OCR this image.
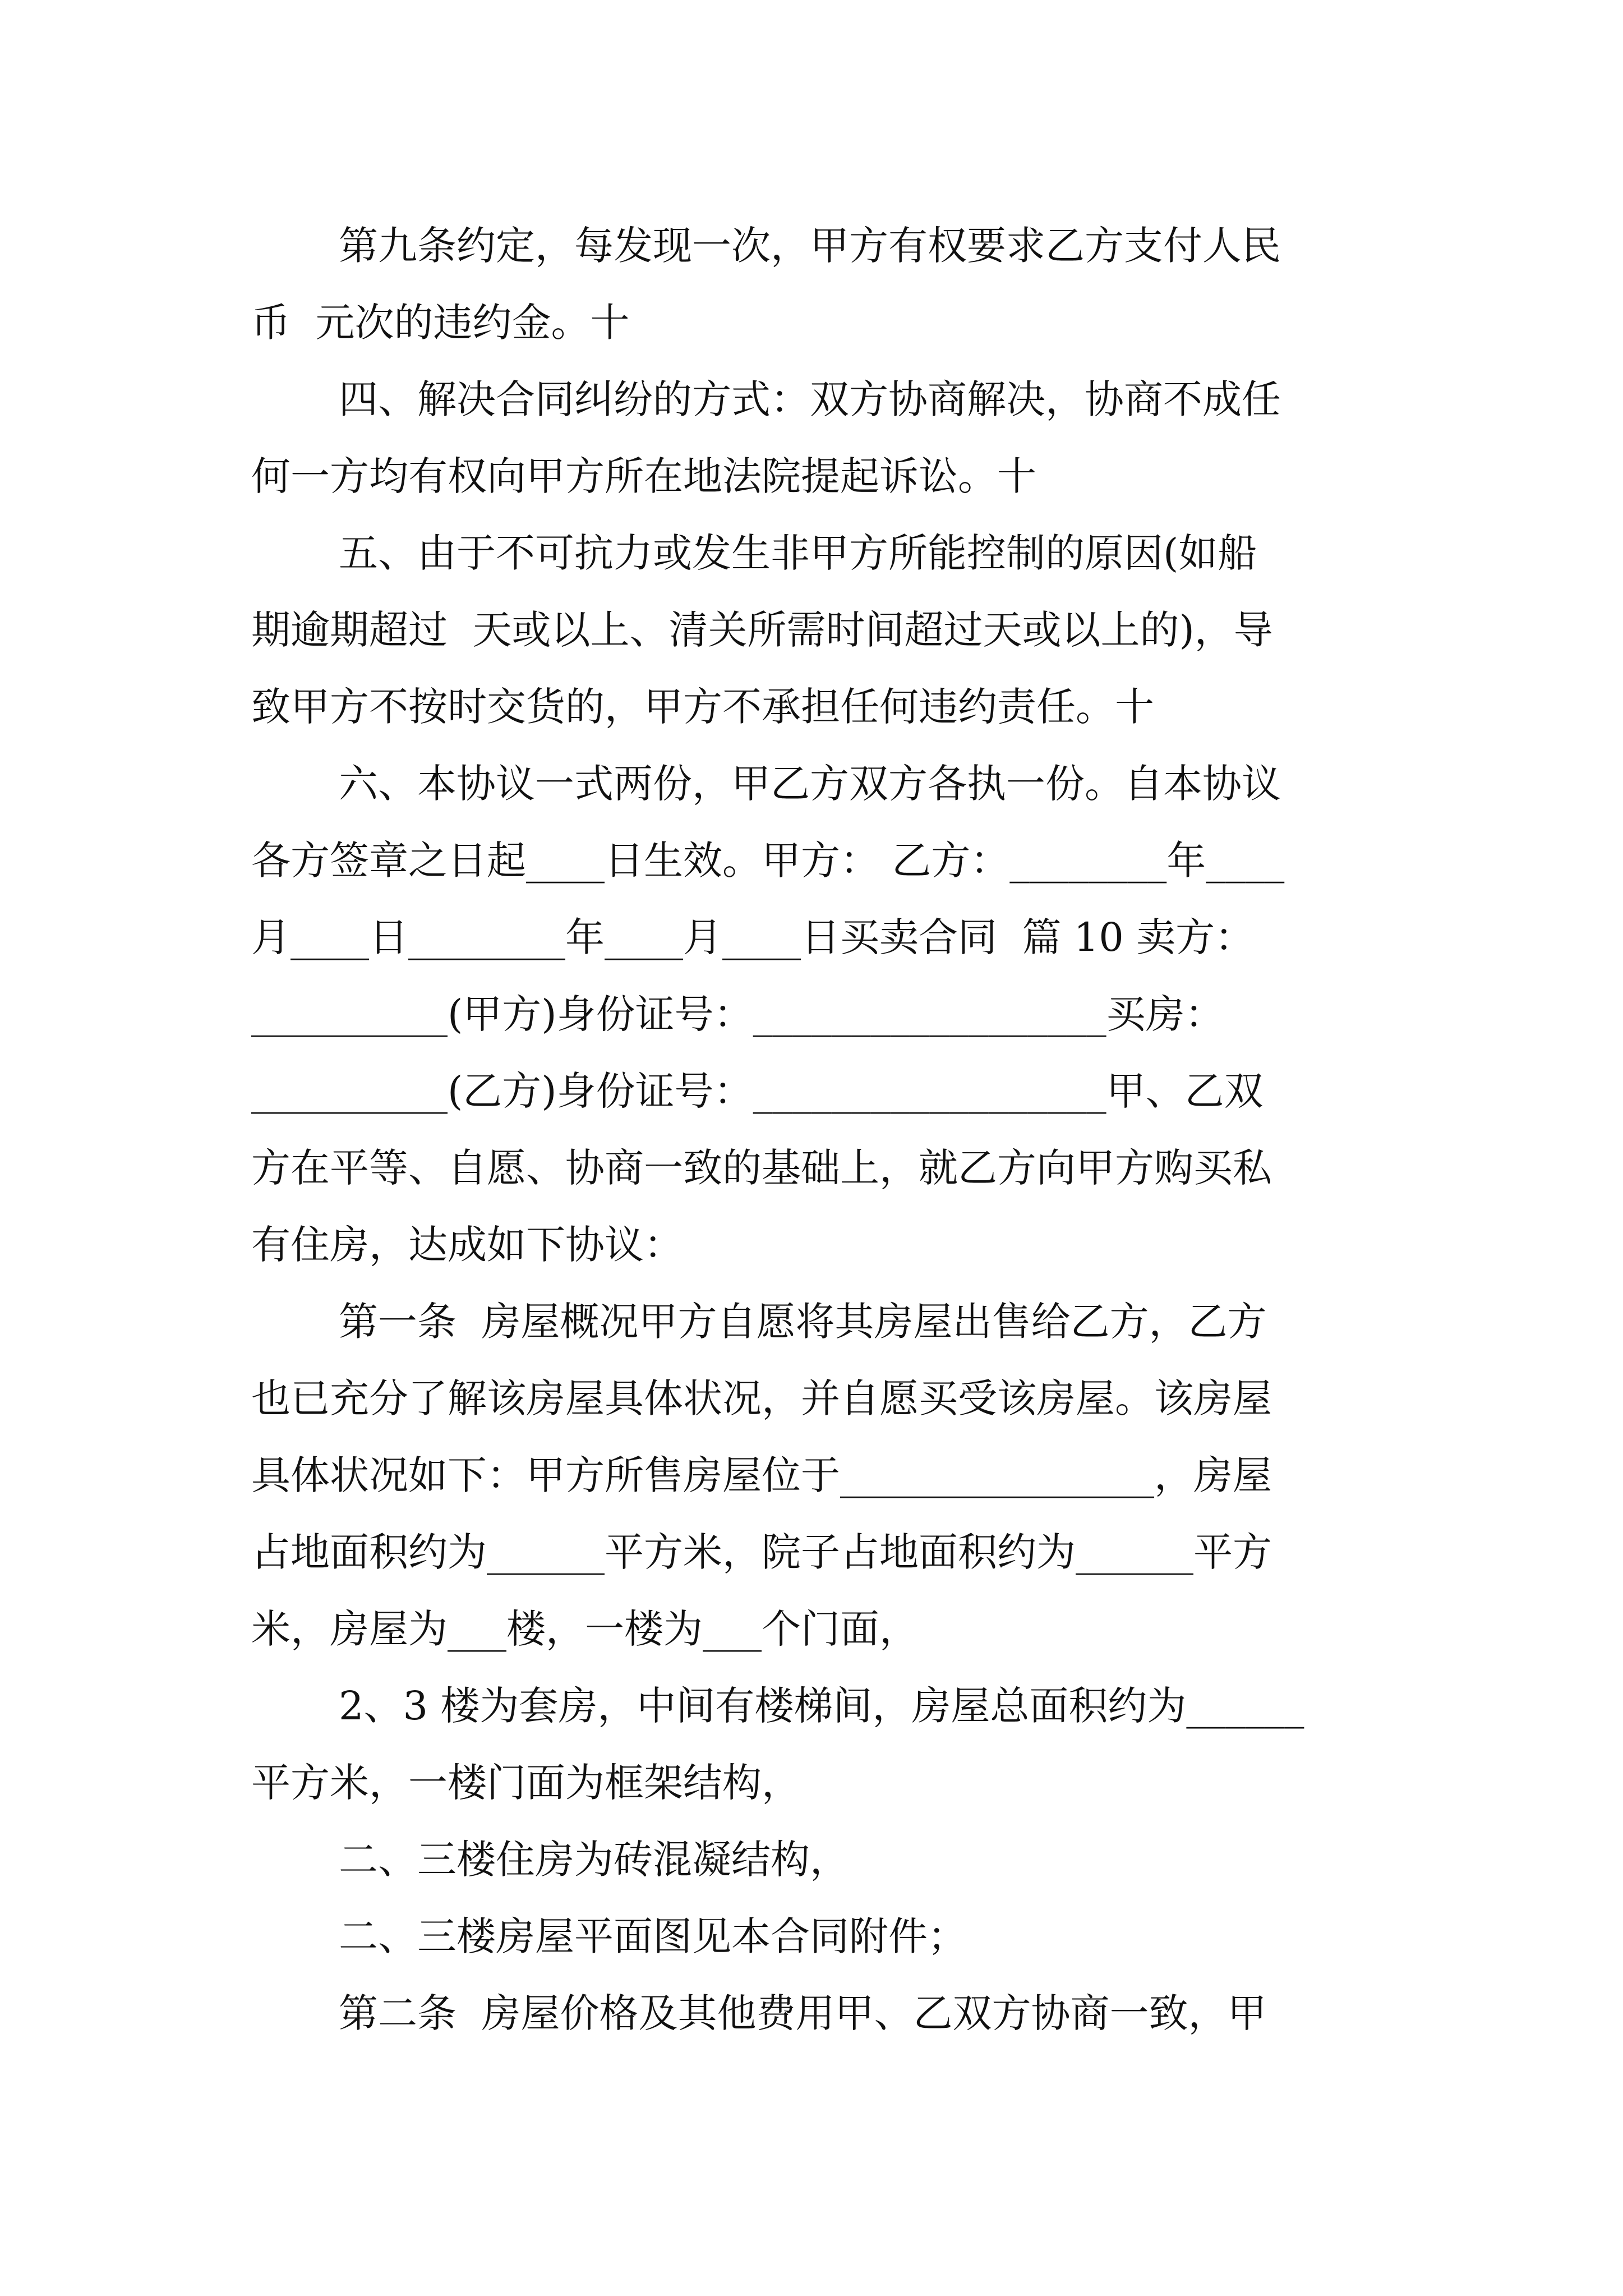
第九条约定，每发现一次，甲方有权要求乙方支付人民
币  元次的违约金。十
四、解决合同纠纷的方式：双方协商解决，协商不成任
何一方均有权向甲方所在地法院提起诉讼。十
五、由于不可抗力或发生非甲方所能控制的原因(如船
期逾期超过  天或以上、清关所需时间超过天或以上的)，导
致甲方不按时交货的，甲方不承担任何违约责任。十
六、本协议一式两份，甲乙方双方各执一份。自本协议
各方签章之日起____日生效。甲方： 乙方：________年____
月____日________年____月____日买卖合同  篇 10 卖方：
__________(甲方)身份证号：__________________买房：
__________(乙方)身份证号：__________________甲、乙双
方在平等、自愿、协商一致的基础上，就乙方向甲方购买私
有住房，达成如下协议：
第一条  房屋概况甲方自愿将其房屋出售给乙方，乙方
也已充分了解该房屋具体状况，并自愿买受该房屋。该房屋
具体状况如下：甲方所售房屋位于________________，房屋
占地面积约为______平方米，院子占地面积约为______平方
米，房屋为___楼，一楼为___个门面，
2、3 楼为套房，中间有楼梯间，房屋总面积约为______
平方米，一楼门面为框架结构，
二、三楼住房为砖混凝结构，
二、三楼房屋平面图见本合同附件；
第二条  房屋价格及其他费用甲、乙双方协商一致，甲
